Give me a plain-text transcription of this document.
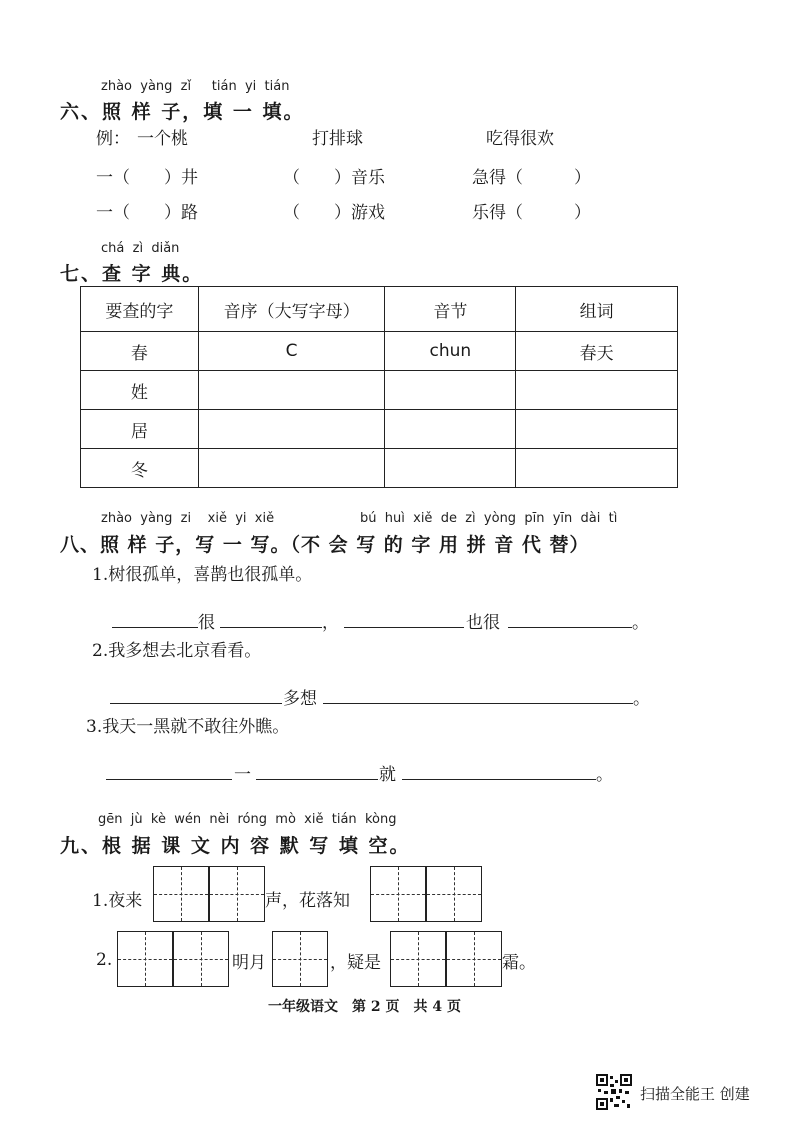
zhào yàng zǐ tián yi tián
六、照 样 子，填 一 填。
例： 一个桃	打排球	吃得很欢
一（　　）井	（　　）音乐	急得（　　　）
一（　　）路	（　　）游戏	乐得（　　　）
chá zì diǎn
七、查 字 典。
要查的字	音序（大写字母）	音节	组词
春	C	chun	春天
姓			
居			
冬			
zhào yàng zi xiě yi xiě	bú huì xiě de zì yòng pīn yīn dài tì
八、照 样 子，写 一 写。（不 会 写 的 字 用 拼 音 代 替）
1.树很孤单，喜鹊也很孤单。
很	，	也很	。
2.我多想去北京看看。
多想	。
3.我天一黑就不敢往外瞧。
一	就	。
gēn jù kè wén nèi róng mò xiě tián kòng
九、根 据 课 文 内 容 默 写 填 空。
1.夜来	声，花落知
2.	明月	，疑是	霜。
一年级语文　第 2 页　共 4 页
扫描全能王 创建
